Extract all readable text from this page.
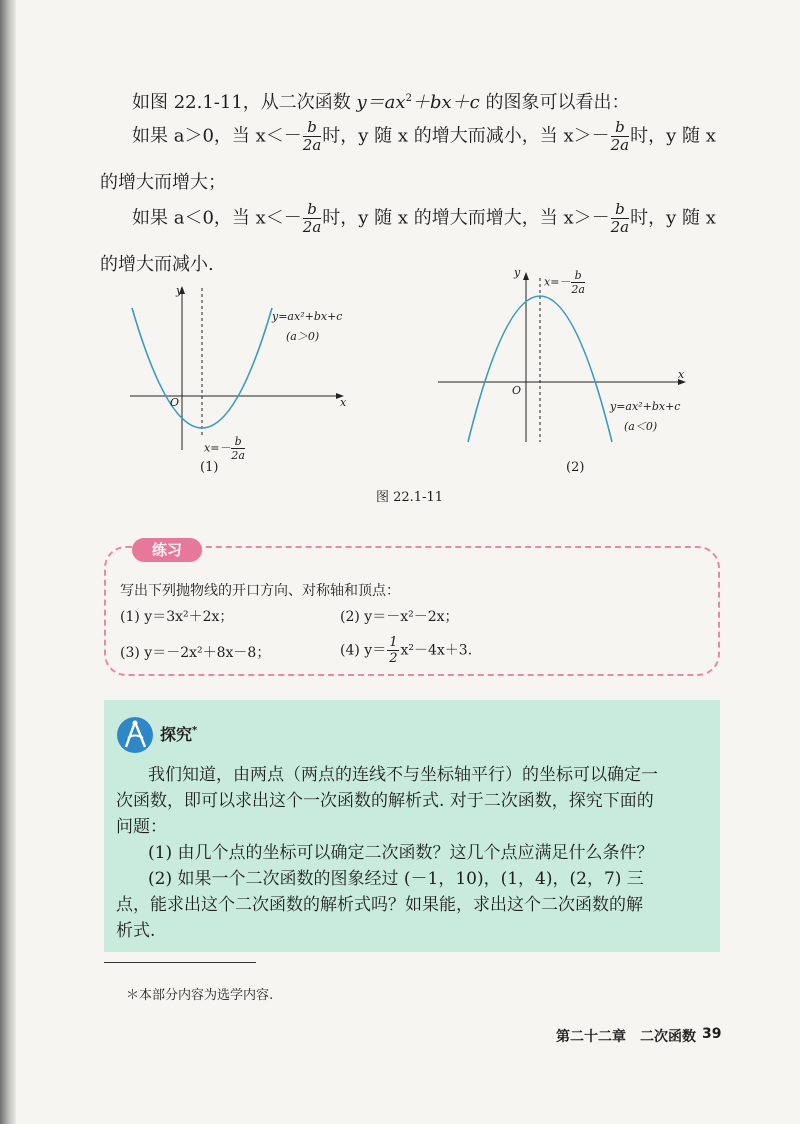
如图 22.1-11，从二次函数 $y=ax^2+bx+c$ 的图象可以看出：
如果 a＞0，当 $x<- \frac{b}{2a}$ 时，y 随 x 的增大而减小，当 $x>- \frac{b}{2a}$ 时，y 随 x
的增大而增大；
如果 a＜0，当 $x<- \frac{b}{2a}$ 时，y 随 x 的增大而增大，当 $x>- \frac{b}{2a}$ 时，y 随 x
的增大而减小.
y
x
O
y=ax²+bx+c
(a＞0)
$x=- \frac{b}{2a}$
(1)
y
x
O
$x=- \frac{b}{2a}$
y=ax²+bx+c
(a＜0)
(2)
图 22.1-11
练习
写出下列抛物线的开口方向、对称轴和顶点：
(1) y＝3x²＋2x；	(2) y＝－x²－2x；
(3) y＝－2x²＋8x－8；	(4) $y= \frac{1}{2} x^2-4x+3$.
探究*
我们知道，由两点（两点的连线不与坐标轴平行）的坐标可以确定一
次函数，即可以求出这个一次函数的解析式. 对于二次函数，探究下面的
问题：
(1) 由几个点的坐标可以确定二次函数？这几个点应满足什么条件？
(2) 如果一个二次函数的图象经过 (－1，10)，(1，4)，(2，7) 三
点，能求出这个二次函数的解析式吗？如果能，求出这个二次函数的解
析式.
＊本部分内容为选学内容.
第二十二章　二次函数 39
